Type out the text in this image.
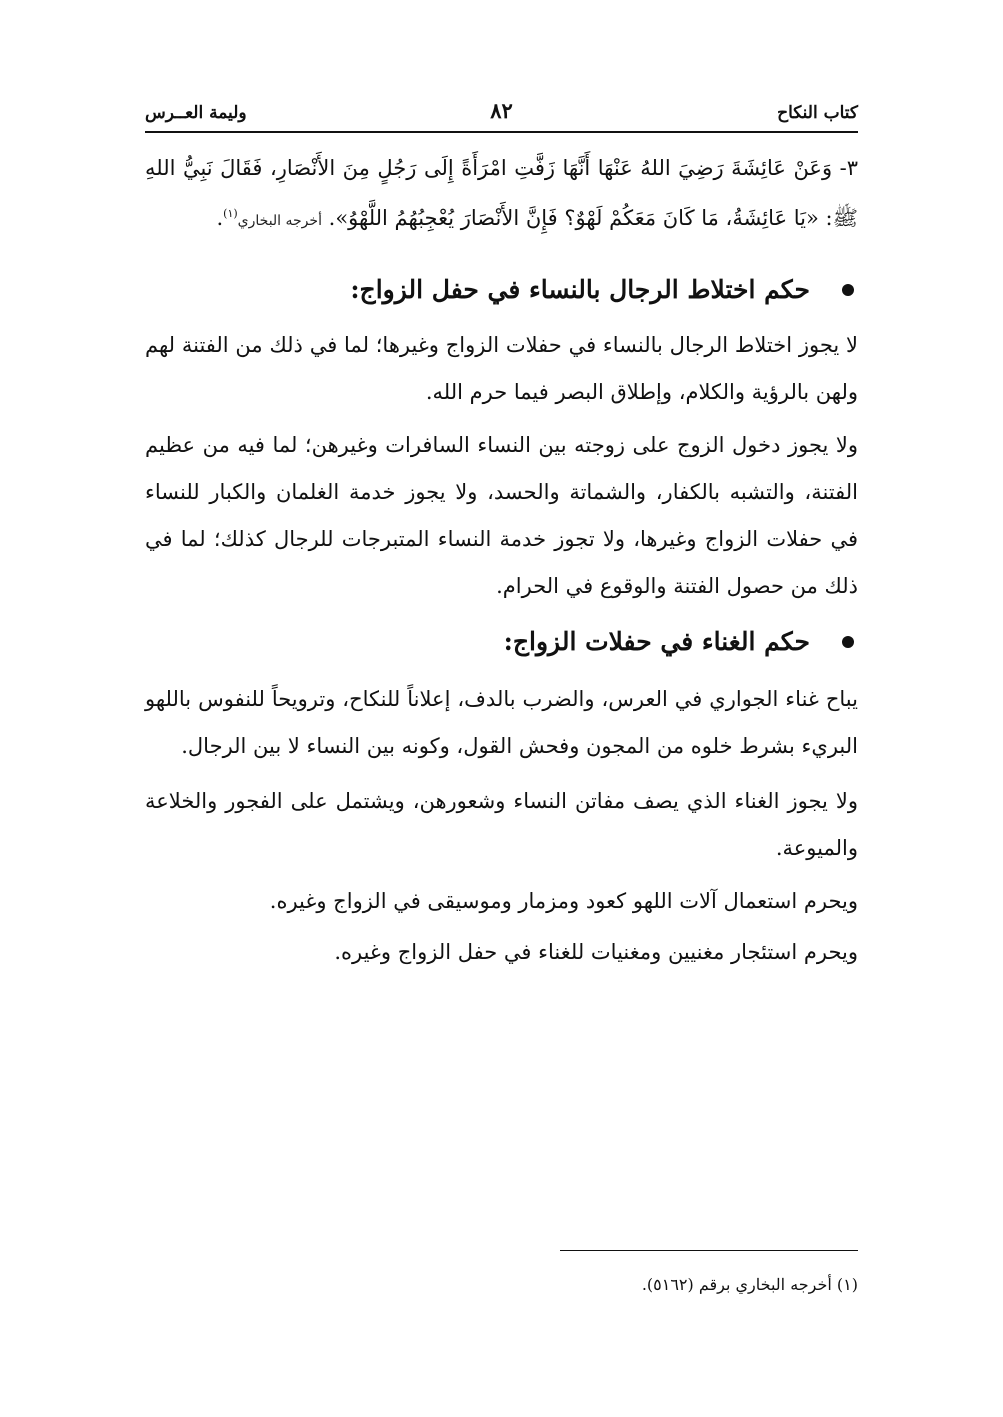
كتاب النكاح
٨٢
وليمة العــرس

٣- وَعَنْ عَائِشَةَ رَضِيَ اللهُ عَنْهَا أَنَّهَا زَفَّتِ امْرَأَةً إِلَى رَجُلٍ مِنَ الأَنْصَارِ، فَقَالَ نَبِيُّ اللهِ ﷺ: «يَا عَائِشَةُ، مَا كَانَ مَعَكُمْ لَهْوٌ؟ فَإِنَّ الأَنْصَارَ يُعْجِبُهُمُ اللَّهْوُ». أخرجه البخاري$^{(١)}$.

حكم اختلاط الرجال بالنساء في حفل الزواج:

لا يجوز اختلاط الرجال بالنساء في حفلات الزواج وغيرها؛ لما في ذلك من الفتنة لهم ولهن بالرؤية والكلام، وإطلاق البصر فيما حرم الله.

ولا يجوز دخول الزوج على زوجته بين النساء السافرات وغيرهن؛ لما فيه من عظيم الفتنة، والتشبه بالكفار، والشماتة والحسد، ولا يجوز خدمة الغلمان والكبار للنساء في حفلات الزواج وغيرها، ولا تجوز خدمة النساء المتبرجات للرجال كذلك؛ لما في ذلك من حصول الفتنة والوقوع في الحرام.

حكم الغناء في حفلات الزواج:

يباح غناء الجواري في العرس، والضرب بالدف، إعلاناً للنكاح، وترويحاً للنفوس باللهو البريء بشرط خلوه من المجون وفحش القول، وكونه بين النساء لا بين الرجال.

ولا يجوز الغناء الذي يصف مفاتن النساء وشعورهن، ويشتمل على الفجور والخلاعة والميوعة.

ويحرم استعمال آلات اللهو كعود ومزمار وموسيقى في الزواج وغيره.

ويحرم استئجار مغنيين ومغنيات للغناء في حفل الزواج وغيره.

(١) أخرجه البخاري برقم (٥١٦٢).
